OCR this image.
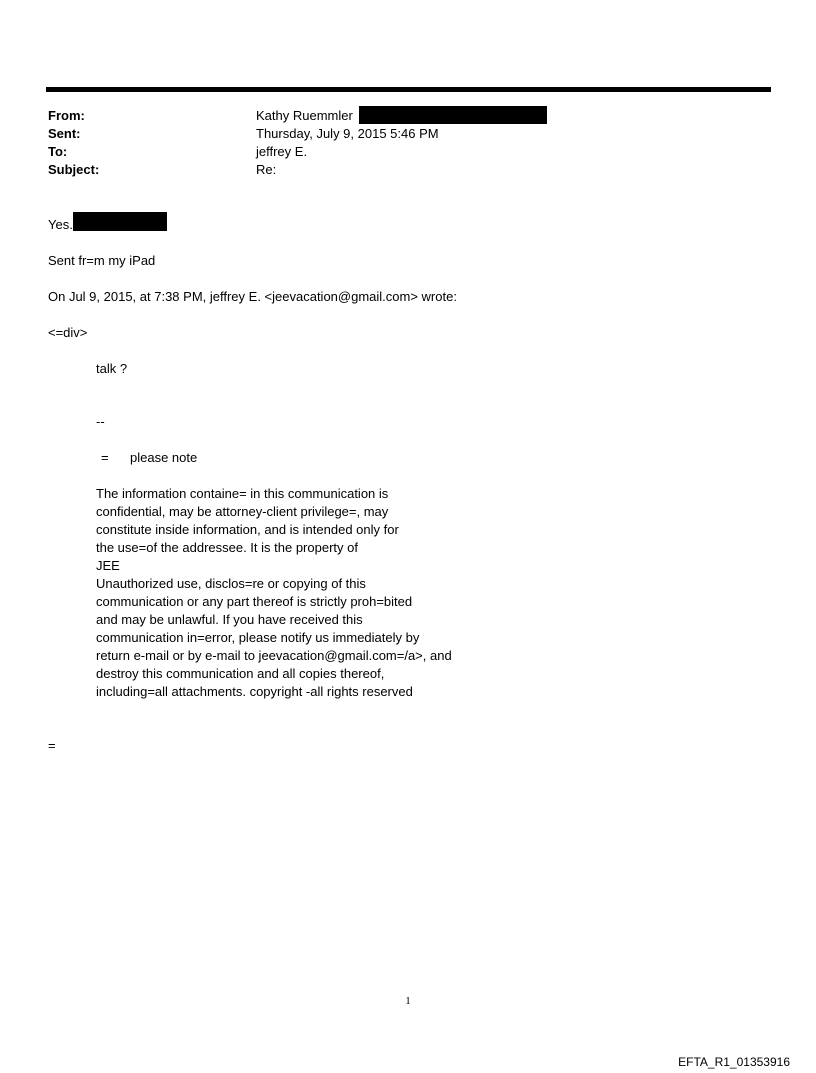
From:	Kathy Ruemmler
Sent:	Thursday, July 9, 2015 5:46 PM
To:	jeffrey E.
Subject:	Re:
Yes.
Sent fr=m my iPad
On Jul 9, 2015, at 7:38 PM, jeffrey E. <jeevacation@gmail.com> wrote:
<=div>
talk ?
--
= please note
The information containe= in this communication is
confidential, may be attorney-client privilege=, may
constitute inside information, and is intended only for
the use=of the addressee. It is the property of
JEE
Unauthorized use, disclos=re or copying of this
communication or any part thereof is strictly proh=bited
and may be unlawful. If you have received this
communication in=error, please notify us immediately by
return e-mail or by e-mail to jeevacation@gmail.com=/a>, and
destroy this communication and all copies thereof,
including=all attachments. copyright -all rights reserved
=
1
EFTA_R1_01353916
